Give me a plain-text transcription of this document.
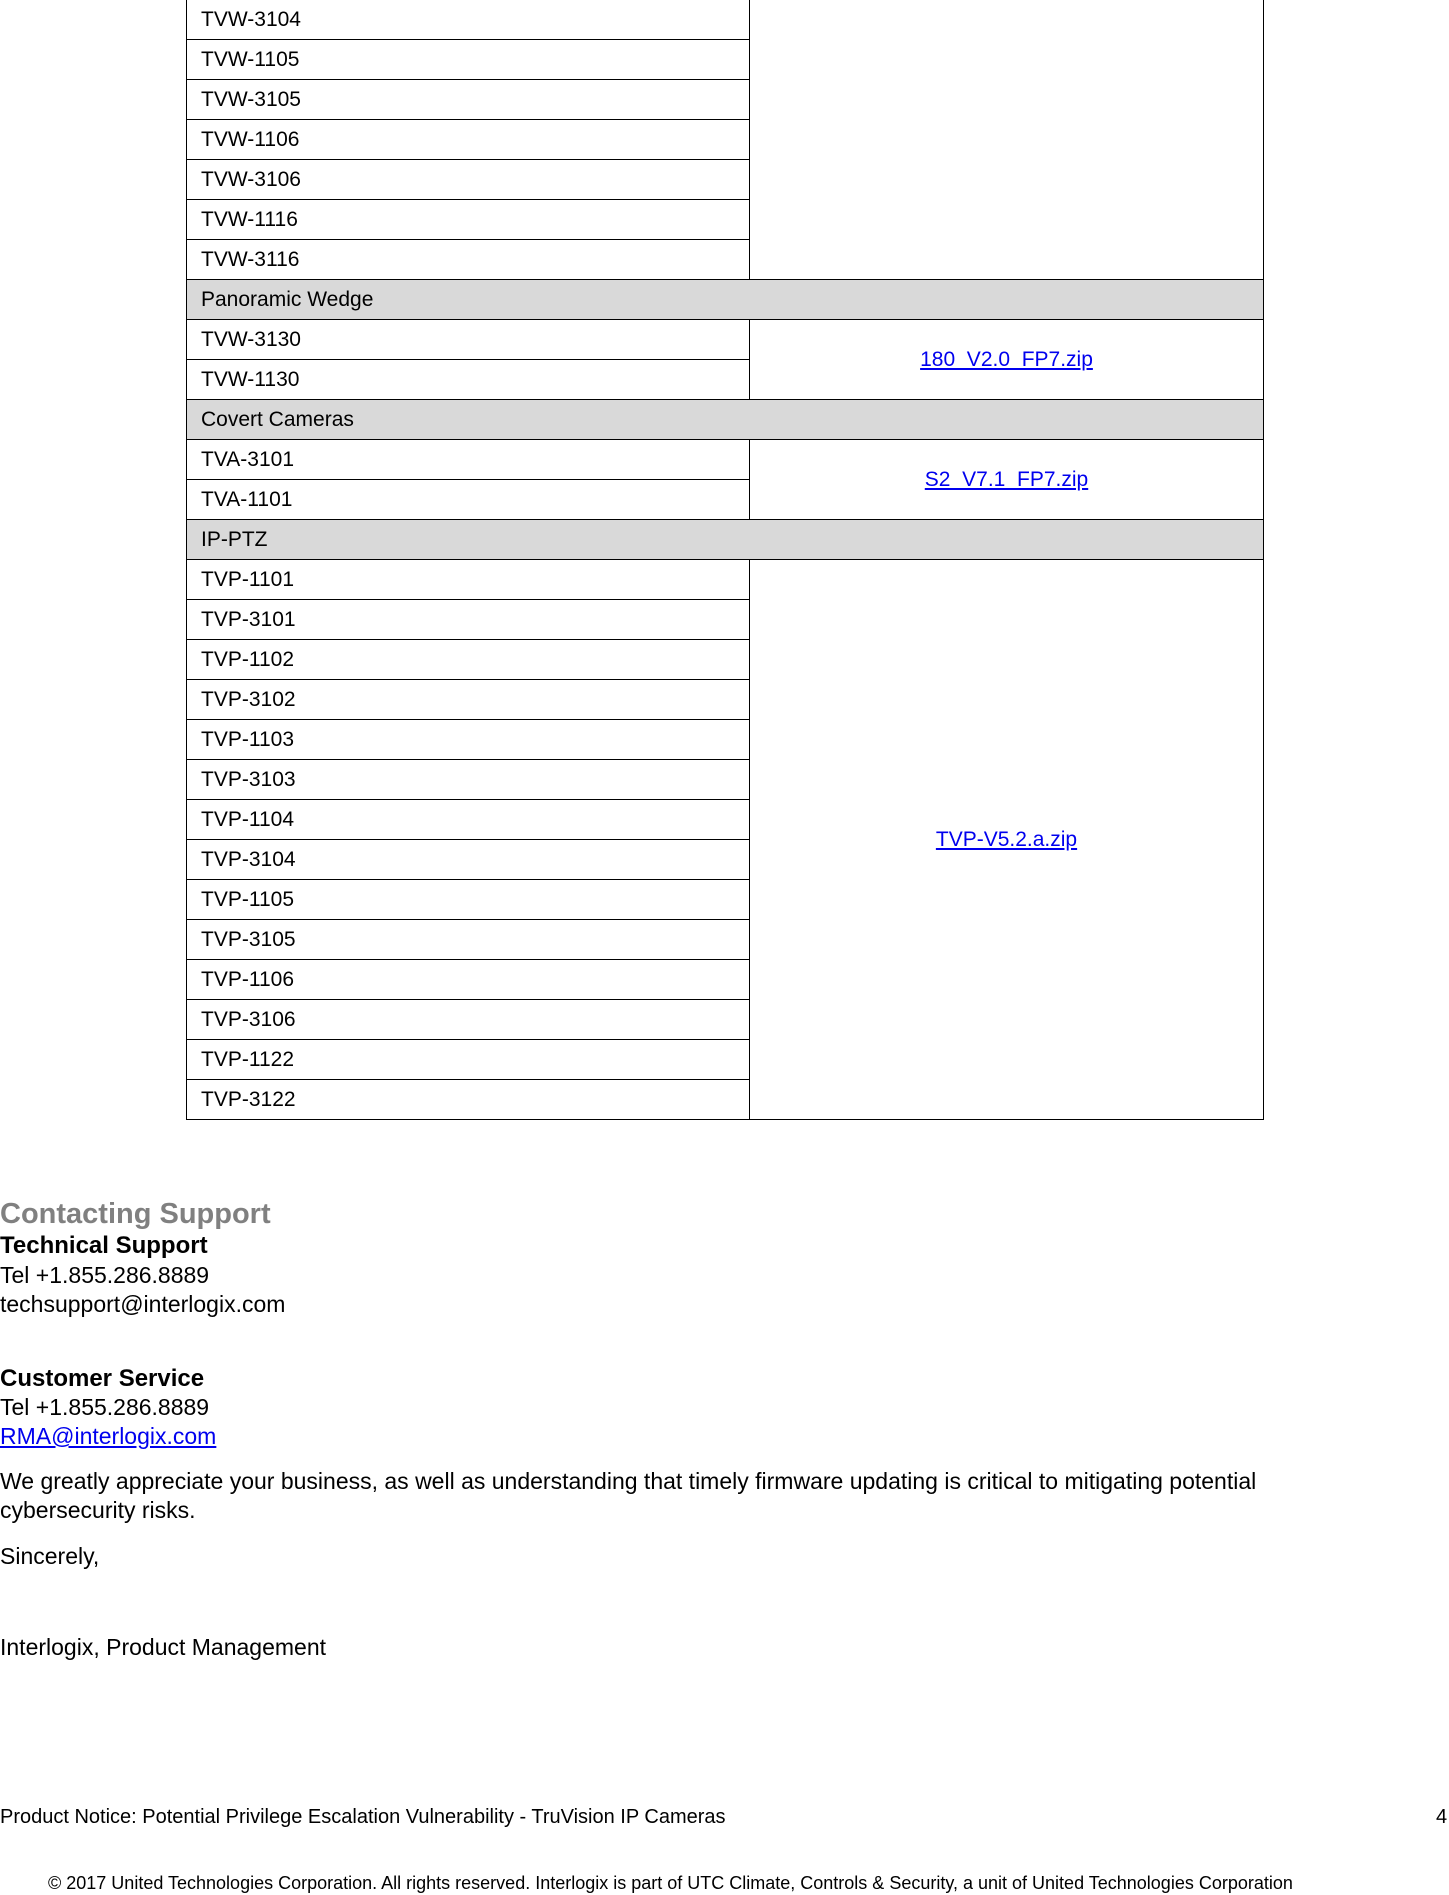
TVW-3104	
TVW-1105	
TVW-3105	
TVW-1106	
TVW-3106	
TVW-1116	
TVW-3116	
Panoramic Wedge	
TVW-3130	180_V2.0_FP7.zip
TVW-1130	
Covert Cameras	
TVA-3101	S2_V7.1_FP7.zip
TVA-1101	
IP-PTZ	
TVP-1101	TVP-V5.2.a.zip
TVP-3101	
TVP-1102	
TVP-3102	
TVP-1103	
TVP-3103	
TVP-1104	
TVP-3104	
TVP-1105	
TVP-3105	
TVP-1106	
TVP-3106	
TVP-1122	
TVP-3122	
Contacting Support
Technical Support
Tel +1.855.286.8889
techsupport@interlogix.com
Customer Service
Tel +1.855.286.8889
RMA@interlogix.com
We greatly appreciate your business, as well as understanding that timely firmware updating is critical to mitigating potential cybersecurity risks.
Sincerely,
Interlogix, Product Management
Product Notice: Potential Privilege Escalation Vulnerability - TruVision IP Cameras	4
© 2017 United Technologies Corporation. All rights reserved. Interlogix is part of UTC Climate, Controls & Security, a unit of United Technologies Corporation
